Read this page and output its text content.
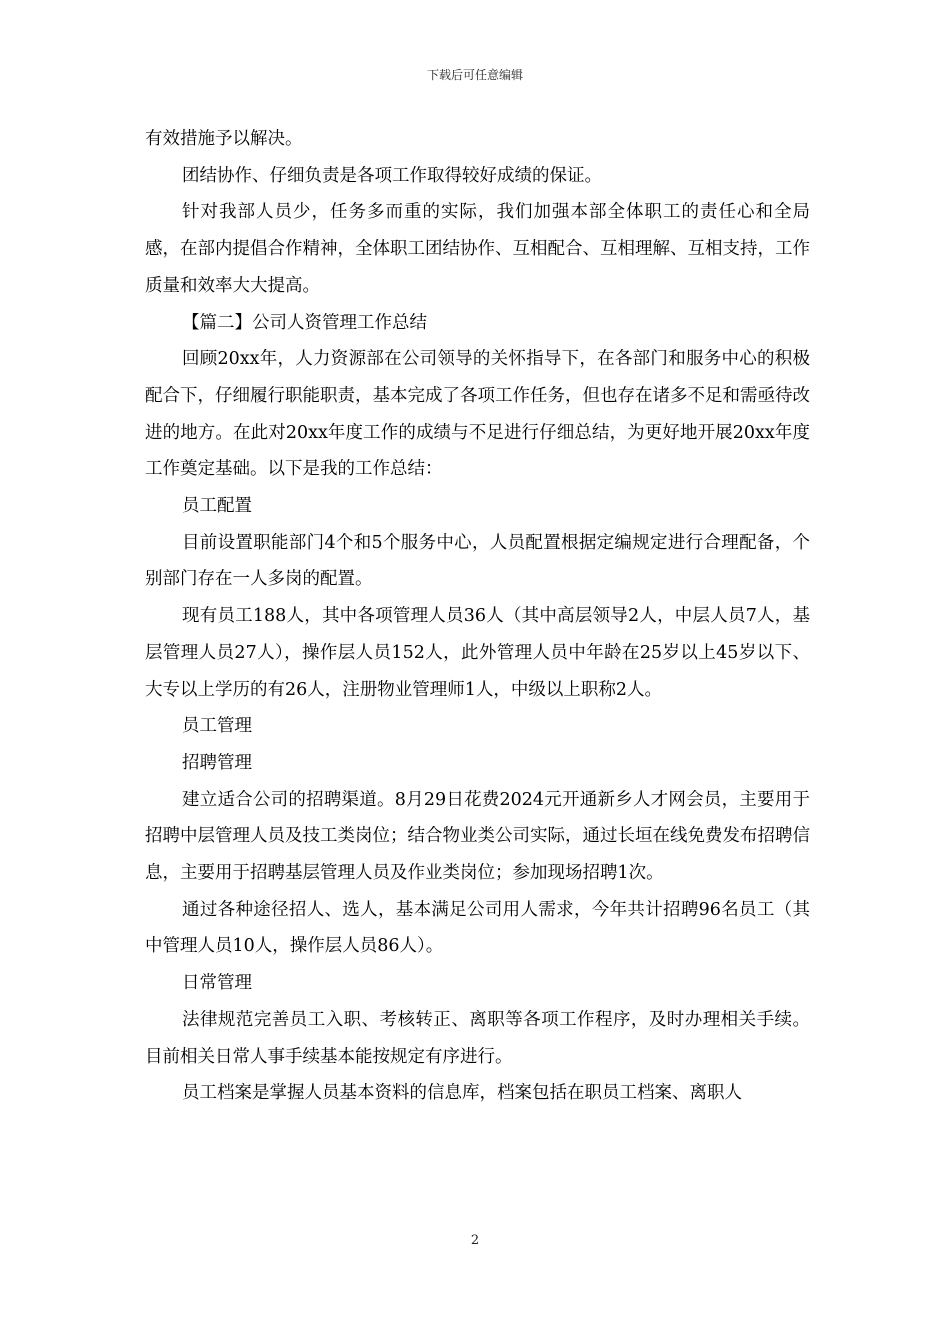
下载后可任意编辑

有效措施予以解决。

团结协作、仔细负责是各项工作取得较好成绩的保证。

针对我部人员少，任务多而重的实际，我们加强本部全体职工的责任心和全局感，在部内提倡合作精神，全体职工团结协作、互相配合、互相理解、互相支持，工作质量和效率大大提高。

【篇二】公司人资管理工作总结

回顾20xx年，人力资源部在公司领导的关怀指导下，在各部门和服务中心的积极配合下，仔细履行职能职责，基本完成了各项工作任务，但也存在诸多不足和需亟待改进的地方。在此对20xx年度工作的成绩与不足进行仔细总结，为更好地开展20xx年度工作奠定基础。以下是我的工作总结：

员工配置

目前设置职能部门4个和5个服务中心，人员配置根据定编规定进行合理配备，个别部门存在一人多岗的配置。

现有员工188人，其中各项管理人员36人（其中高层领导2人，中层人员7人，基层管理人员27人），操作层人员152人，此外管理人员中年龄在25岁以上45岁以下、大专以上学历的有26人，注册物业管理师1人，中级以上职称2人。

员工管理

招聘管理

建立适合公司的招聘渠道。8月29日花费2024元开通新乡人才网会员，主要用于招聘中层管理人员及技工类岗位；结合物业类公司实际，通过长垣在线免费发布招聘信息，主要用于招聘基层管理人员及作业类岗位；参加现场招聘1次。

通过各种途径招人、选人，基本满足公司用人需求，今年共计招聘96名员工（其中管理人员10人，操作层人员86人）。

日常管理

法律规范完善员工入职、考核转正、离职等各项工作程序，及时办理相关手续。目前相关日常人事手续基本能按规定有序进行。

员工档案是掌握人员基本资料的信息库，档案包括在职员工档案、离职人

2
